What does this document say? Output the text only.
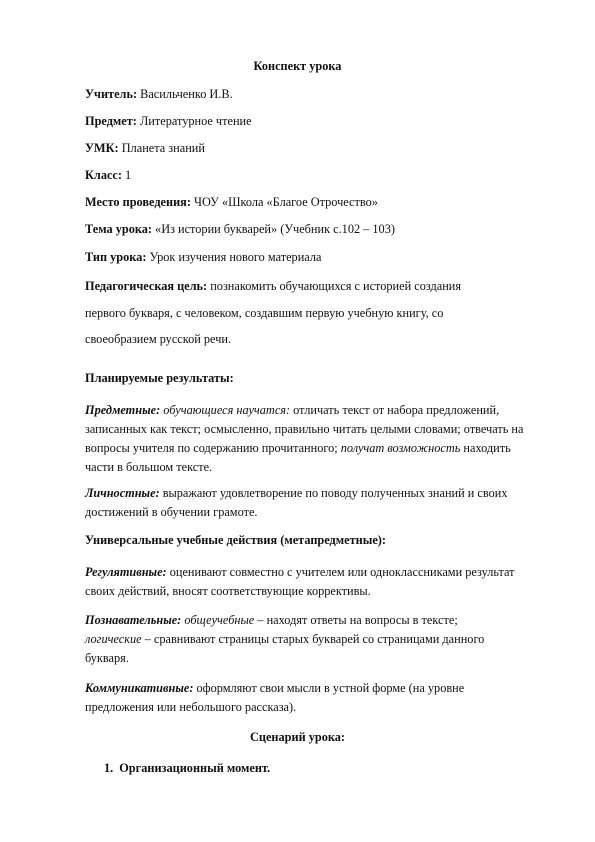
Конспект урока
Учитель: Васильченко И.В.
Предмет: Литературное чтение
УМК: Планета знаний
Класс: 1
Место проведения: ЧОУ «Школа «Благое Отрочество»
Тема урока: «Из истории букварей» (Учебник с.102 – 103)
Тип урока: Урок изучения нового материала
Педагогическая цель: познакомить обучающихся с историей создания
первого букваря, с человеком, создавшим первую учебную книгу, со
своеобразием русской речи.
Планируемые результаты:
Предметные: обучающиеся научатся: отличать текст от набора предложений, записанных как текст; осмысленно, правильно читать целыми словами; отвечать на вопросы учителя по содержанию прочитанного; получат возможность находить части в большом тексте.
Личностные: выражают удовлетворение по поводу полученных знаний и своих достижений в обучении грамоте.
Универсальные учебные действия (метапредметные):
Регулятивные: оценивают совместно с учителем или одноклассниками результат своих действий, вносят соответствующие коррективы.
Познавательные: общеучебные – находят ответы на вопросы в тексте;
логические – сравнивают страницы старых букварей со страницами данного букваря.
Коммуникативные: оформляют свои мысли в устной форме (на уровне предложения или небольшого рассказа).
Сценарий урока:
1. Организационный момент.
